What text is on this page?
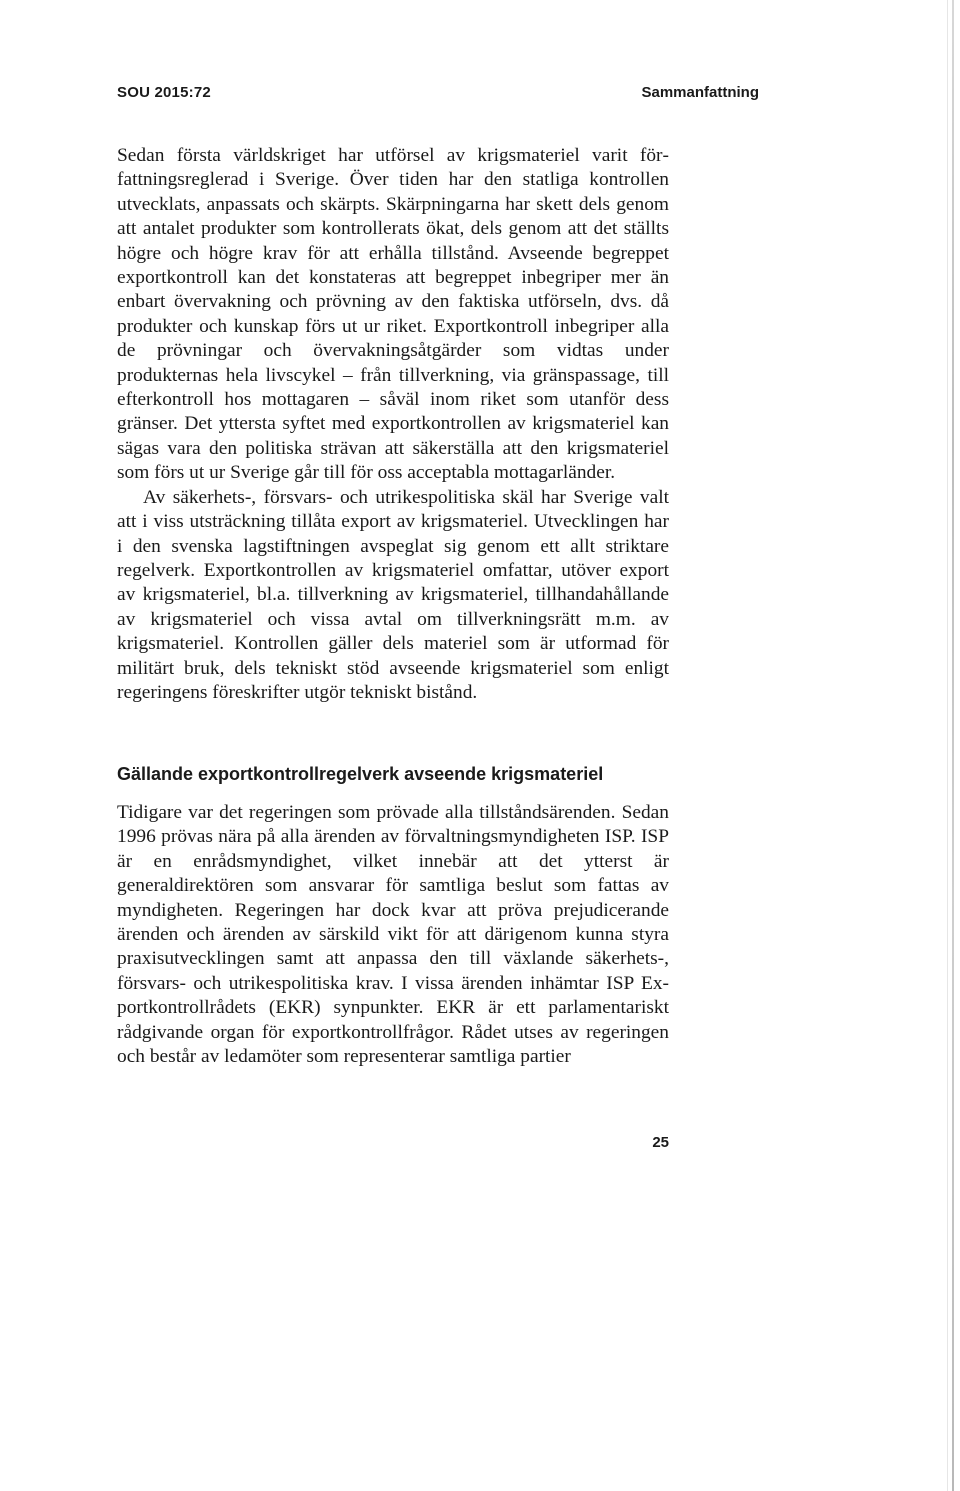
SOU 2015:72	Sammanfattning

Sedan första världskriget har utförsel av krigsmateriel varit författningsreglerad i Sverige. Över tiden har den statliga kontrollen utvecklats, anpassats och skärpts. Skärpningarna har skett dels genom att antalet produkter som kontrollerats ökat, dels genom att det ställts högre och högre krav för att erhålla tillstånd. Avseende begreppet exportkontroll kan det konstateras att begreppet inbegriper mer än enbart övervakning och prövning av den faktiska utförseln, dvs. då produkter och kunskap förs ut ur riket. Exportkontroll inbegriper alla de prövningar och övervakningsåtgärder som vidtas under produkternas hela livscykel – från tillverkning, via gränspassage, till efterkontroll hos mottagaren – såväl inom riket som utanför dess gränser. Det yttersta syftet med exportkontrollen av krigsmateriel kan sägas vara den politiska strävan att säkerställa att den krigsmateriel som förs ut ur Sverige går till för oss acceptabla mottagarländer.

Av säkerhets-, försvars- och utrikespolitiska skäl har Sverige valt att i viss utsträckning tillåta export av krigsmateriel. Utvecklingen har i den svenska lagstiftningen avspeglat sig genom ett allt striktare regelverk. Exportkontrollen av krigsmateriel omfattar, utöver export av krigsmateriel, bl.a. tillverkning av krigsmateriel, tillhandahållande av krigsmateriel och vissa avtal om tillverkningsrätt m.m. av krigsmateriel. Kontrollen gäller dels materiel som är utformad för militärt bruk, dels tekniskt stöd avseende krigsmateriel som enligt regeringens föreskrifter utgör tekniskt bistånd.

Gällande exportkontrollregelverk avseende krigsmateriel

Tidigare var det regeringen som prövade alla tillståndsärenden. Sedan 1996 prövas nära på alla ärenden av förvaltningsmyndigheten ISP. ISP är en enrådsmyndighet, vilket innebär att det ytterst är generaldirektören som ansvarar för samtliga beslut som fattas av myndigheten. Regeringen har dock kvar att pröva prejudicerande ärenden och ärenden av särskild vikt för att därigenom kunna styra praxisutvecklingen samt att anpassa den till växlande säkerhets-, försvars- och utrikespolitiska krav. I vissa ärenden inhämtar ISP Exportkontrollrådets (EKR) synpunkter. EKR är ett parlamentariskt rådgivande organ för exportkontrollfrågor. Rådet utses av regeringen och består av ledamöter som representerar samtliga partier

25
